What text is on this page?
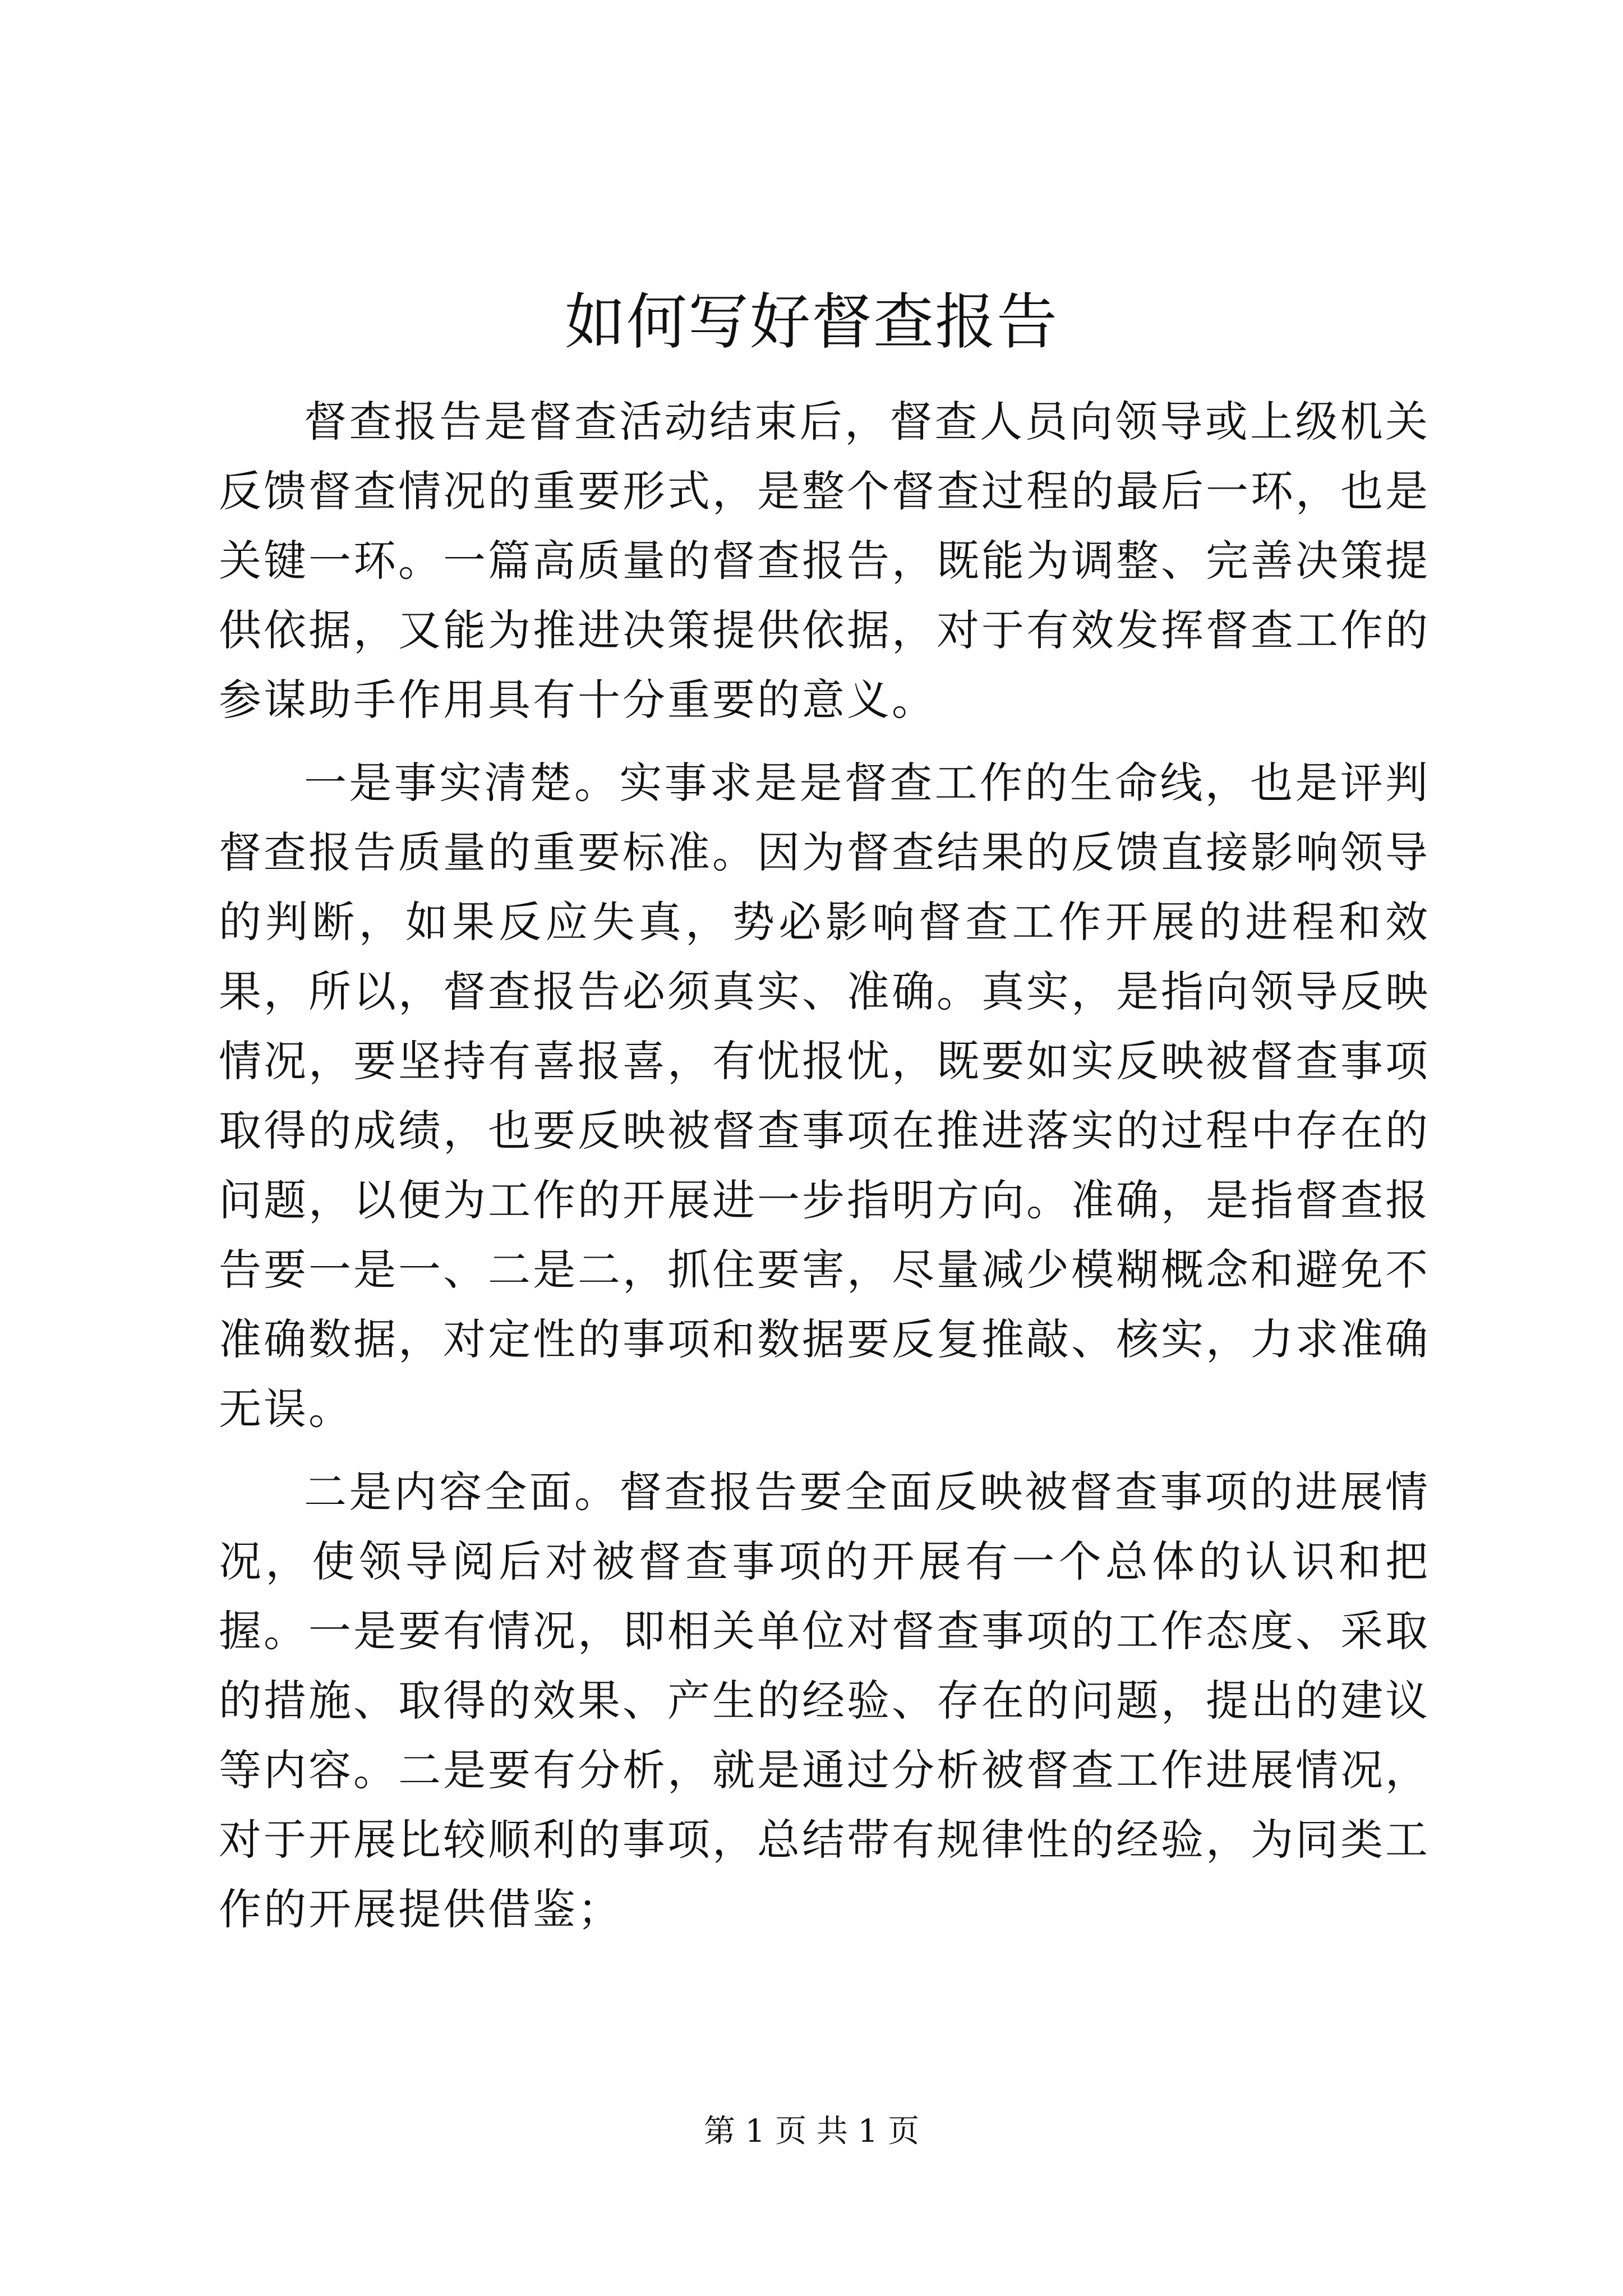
如何写好督查报告

督查报告是督查活动结束后，督查人员向领导或上级机关反馈督查情况的重要形式，是整个督查过程的最后一环，也是关键一环。一篇高质量的督查报告，既能为调整、完善决策提供依据，又能为推进决策提供依据，对于有效发挥督查工作的参谋助手作用具有十分重要的意义。

一是事实清楚。实事求是是督查工作的生命线，也是评判督查报告质量的重要标准。因为督查结果的反馈直接影响领导的判断，如果反应失真，势必影响督查工作开展的进程和效果，所以，督查报告必须真实、准确。真实，是指向领导反映情况，要坚持有喜报喜，有忧报忧，既要如实反映被督查事项取得的成绩，也要反映被督查事项在推进落实的过程中存在的问题，以便为工作的开展进一步指明方向。准确，是指督查报告要一是一、二是二，抓住要害，尽量减少模糊概念和避免不准确数据，对定性的事项和数据要反复推敲、核实，力求准确无误。

二是内容全面。督查报告要全面反映被督查事项的进展情况，使领导阅后对被督查事项的开展有一个总体的认识和把握。一是要有情况，即相关单位对督查事项的工作态度、采取的措施、取得的效果、产生的经验、存在的问题，提出的建议等内容。二是要有分析，就是通过分析被督查工作进展情况，对于开展比较顺利的事项，总结带有规律性的经验，为同类工作的开展提供借鉴；

第 1 页 共 1 页
